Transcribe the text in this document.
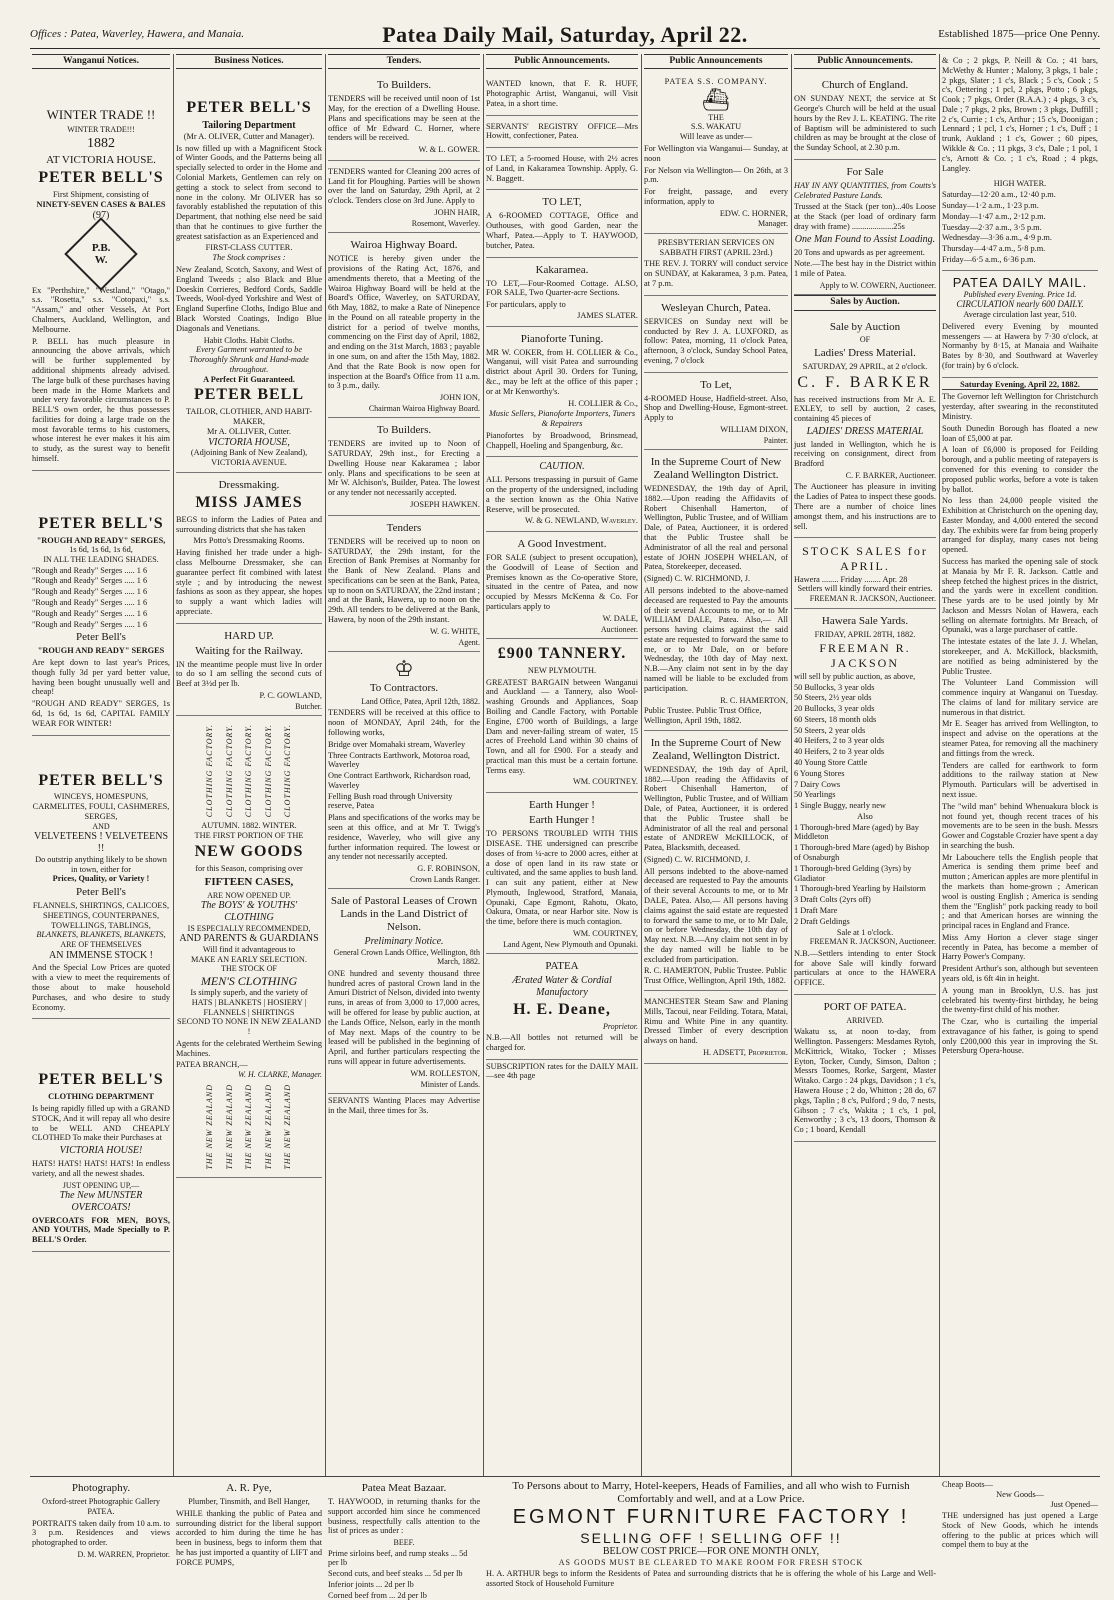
Offices : Patea, Waverley, Hawera, and Manaia.	Patea Daily Mail, Saturday, April 22.	Established 1875—price One Penny.
Wanganui Notices.
WINTER TRADE !!
WINTER TRADE!!!
1882
AT VICTORIA HOUSE.
PETER BELL'S
First Shipment, consisting of
NINETY-SEVEN CASES & BALES
(97)
P.B.
W.

Ex "Perthshire," "Westland," "Otago," s.s. "Rosetta," s.s. "Cotopaxi," s.s. "Assam," and other Vessels, At Port Chalmers, Auckland, Wellington, and Melbourne.

P. BELL has much pleasure in announcing the above arrivals, which will be further supplemented by additional shipments already advised. The large bulk of these purchases having been made in the Home Markets and under very favorable circumstances to P. BELL'S own order, he thus possesses facilities for doing a large trade on the most favorable terms to his customers, whose interest he ever makes it his aim to study, as the surest way to benefit himself.

PETER BELL'S
"ROUGH AND READY" SERGES,
1s 6d, 1s 6d, 1s 6d,
IN ALL THE LEADING SHADES.
"Rough and Ready" Serges ..... 1 6
"Rough and Ready" Serges ..... 1 6
"Rough and Ready" Serges ..... 1 6
"Rough and Ready" Serges ..... 1 6
"Rough and Ready" Serges ..... 1 6
"Rough and Ready" Serges ..... 1 6
Peter Bell's
"ROUGH AND READY" SERGES

Are kept down to last year's Prices, though fully 3d per yard better value, having been bought unusually well and cheap!

"ROUGH AND READY" SERGES, 1s 6d, 1s 6d, 1s 6d, CAPITAL FAMILY WEAR FOR WINTER!

PETER BELL'S
WINCEYS, HOMESPUNS, CARMELITES, FOULI, CASHMERES, SERGES,
AND
VELVETEENS ! VELVETEENS !!
Do outstrip anything likely to be shown in town, either for
Prices, Quality, or Variety !
Peter Bell's
FLANNELS, SHIRTINGS, CALICOES, SHEETINGS, COUNTERPANES, TOWELLINGS, TABLINGS,
BLANKETS, BLANKETS, BLANKETS,
ARE OF THEMSELVES
AN IMMENSE STOCK !

And the Special Low Prices are quoted with a view to meet the requirements of those about to make household Purchases, and who desire to study Economy.

PETER BELL'S
CLOTHING DEPARTMENT

Is being rapidly filled up with a GRAND STOCK, And it will repay all who desire to be WELL AND CHEAPLY CLOTHED To make their Purchases at

VICTORIA HOUSE!

HATS! HATS! HATS! HATS! In endless variety, and all the newest shades.

JUST OPENING UP,—
The New MUNSTER OVERCOATS!

OVERCOATS FOR MEN, BOYS, AND YOUTHS, Made Specially to P. BELL'S Order.

Business Notices.
PETER BELL'S
Tailoring Department
(Mr A. OLIVER, Cutter and Manager).

Is now filled up with a Magnificent Stock of Winter Goods, and the Patterns being all specially selected to order in the Home and Colonial Markets, Gentlemen can rely on getting a stock to select from second to none in the colony. Mr OLIVER has so favorably established the reputation of this Department, that nothing else need be said than that he continues to give further the greatest satisfaction as an Experienced and

FIRST-CLASS CUTTER.
The Stock comprises :

New Zealand, Scotch, Saxony, and West of England Tweeds ; also Black and Blue Doeskin Corrieres, Bedford Cords, Saddle Tweeds, Wool-dyed Yorkshire and West of England Superfine Cloths, Indigo Blue and Black Worsted Coatings, Indigo Blue Diagonals and Venetians.

Habit Cloths. Habit Cloths.
Every Garment warranted to be Thoroughly Shrunk and Hand-made throughout.
A Perfect Fit Guaranteed.
PETER BELL
TAILOR, CLOTHIER, AND HABIT-MAKER,
Mr A. OLLIVER, Cutter.
VICTORIA HOUSE,
(Adjoining Bank of New Zealand), VICTORIA AVENUE.
Dressmaking.
MISS JAMES

BEGS to inform the Ladies of Patea and surrounding districts that she has taken

Mrs Potto's Dressmaking Rooms.

Having finished her trade under a high-class Melbourne Dressmaker, she can guarantee perfect fit combined with latest style ; and by introducing the newest fashions as soon as they appear, she hopes to supply a want which ladies will appreciate.

HARD UP.
Waiting for the Railway.

IN the meantime people must live In order to do so I am selling the second cuts of Beef at 3½d per lb.

P. C. GOWLAND,
Butcher.
CLOTHING FACTORY. CLOTHING FACTORY. CLOTHING FACTORY. CLOTHING FACTORY. CLOTHING FACTORY.
AUTUMN. 1882. WINTER.
THE FIRST PORTION OF THE
NEW GOODS
for this Season, comprising over
FIFTEEN CASES,
ARE NOW OPENED UP.
The BOYS' & YOUTHS' CLOTHING
IS ESPECIALLY RECOMMENDED,
AND PARENTS & GUARDIANS
Will find it advantageous to
MAKE AN EARLY SELECTION.
THE STOCK OF
MEN'S CLOTHING
Is simply superb, and the variety of
HATS | BLANKETS | HOSIERY | FLANNELS | SHIRTINGS
SECOND TO NONE IN NEW ZEALAND !

Agents for the celebrated Wertheim Sewing Machines.

PATEA BRANCH,—
W. H. CLARKE, Manager.
THE NEW ZEALAND THE NEW ZEALAND THE NEW ZEALAND THE NEW ZEALAND THE NEW ZEALAND
Tenders.
To Builders.

TENDERS will be received until noon of 1st May, for the erection of a Dwelling House. Plans and specifications may be seen at the office of Mr Edward C. Horner, where tenders will be received.

W. & L. GOWER.

TENDERS wanted for Cleaning 200 acres of Land fit for Ploughing. Parties will be shown over the land on Saturday, 29th April, at 2 o'clock. Tenders close on 3rd June. Apply to

JOHN HAIR,
Rosemont, Waverley.
Wairoa Highway Board.

NOTICE is hereby given under the provisions of the Rating Act, 1876, and amendments thereto, that a Meeting of the Wairoa Highway Board will be held at the Board's Office, Waverley, on SATURDAY, 6th May, 1882, to make a Rate of Ninepence in the Pound on all rateable property in the district for a period of twelve months, commencing on the First day of April, 1882, and ending on the 31st March, 1883 ; payable in one sum, on and after the 15th May, 1882. And that the Rate Book is now open for inspection at the Board's Office from 11 a.m. to 3 p.m., daily.

JOHN ION,
Chairman Wairoa Highway Board.
To Builders.

TENDERS are invited up to Noon of SATURDAY, 29th inst., for Erecting a Dwelling House near Kakaramea ; labor only. Plans and specifications to be seen at Mr W. Alchison's, Builder, Patea. The lowest or any tender not necessarily accepted.

JOSEPH HAWKEN.
Tenders

TENDERS will be received up to noon on SATURDAY, the 29th instant, for the Erection of Bank Premises at Normanby for the Bank of New Zealand. Plans and specifications can be seen at the Bank, Patea, up to noon on SATURDAY, the 22nd instant ; and at the Bank, Hawera, up to noon on the 29th. All tenders to be delivered at the Bank, Hawera, by noon of the 29th instant.

W. G. WHITE,
Agent.
♔
To Contractors.
Land Office, Patea, April 12th, 1882.

TENDERS will be received at this office to noon of MONDAY, April 24th, for the following works,

Bridge over Momahaki stream, Waverley
Three Contracts Earthwork, Motoroa road, Waverley
One Contract Earthwork, Richardson road, Waverley
Felling Bush road through University reserve, Patea

Plans and specifications of the works may be seen at this office, and at Mr T. Twigg's residence, Waverley, who will give any further information required. The lowest or any tender not necessarily accepted.

G. F. ROBINSON,
Crown Lands Ranger.
Sale of Pastoral Leases of Crown Lands in the Land District of Nelson.
Preliminary Notice.
General Crown Lands Office, Wellington, 8th March, 1882.

ONE hundred and seventy thousand three hundred acres of pastoral Crown land in the Amuri District of Nelson, divided into twenty runs, in areas of from 3,000 to 17,000 acres, will be offered for lease by public auction, at the Lands Office, Nelson, early in the month of May next. Maps of the country to be leased will be published in the beginning of April, and further particulars respecting the runs will appear in future advertisements.

WM. ROLLESTON,
Minister of Lands.

SERVANTS Wanting Places may Advertise in the Mail, three times for 3s.

Public Announcements.

WANTED known, that F. R. HUFF, Photographic Artist, Wanganui, will Visit Patea, in a short time.

SERVANTS' REGISTRY OFFICE—Mrs Howitt, confectioner, Patea.

TO LET, a 5-roomed House, with 2½ acres of Land, in Kakaramea Township. Apply, G. N. Baggett.

TO LET,

A 6-ROOMED COTTAGE, Office and Outhouses, with good Garden, near the Wharf, Patea.—Apply to T. HAYWOOD, butcher, Patea.

Kakaramea.

TO LET,—Four-Roomed Cottage. ALSO, FOR SALE, Two Quarter-acre Sections.

For particulars, apply to
JAMES SLATER.
Pianoforte Tuning.

MR W. COKER, from H. COLLIER & Co., Wanganui, will visit Patea and surrounding district about April 30. Orders for Tuning, &c., may be left at the office of this paper ; or at Mr Kenworthy's.

H. COLLIER & Co.,
Music Sellers, Pianoforte Importers, Tuners & Repairers

Pianofortes by Broadwood, Brinsmead, Chappell, Hoeling and Spangenburg, &c.

CAUTION.

ALL Persons trespassing in pursuit of Game on the property of the undersigned, including a the section known as the Ohia Native Reserve, will be prosecuted.

W. & G. NEWLAND, Waverley.
A Good Investment.

FOR SALE (subject to present occupation), the Goodwill of Lease of Section and Premises known as the Co-operative Store, situated in the centre of Patea, and now occupied by Messrs McKenna & Co. For particulars apply to

W. DALE,
Auctioneer.
£900 TANNERY.
NEW PLYMOUTH.

GREATEST BARGAIN between Wanganui and Auckland — a Tannery, also Wool-washing Grounds and Appliances, Soap Boiling and Candle Factory, with Portable Engine, £700 worth of Buildings, a large Dam and never-failing stream of water, 15 acres of Freehold Land within 30 chains of Town, and all for £900. For a steady and practical man this must be a certain fortune. Terms easy.

WM. COURTNEY.
Earth Hunger !
Earth Hunger !

TO PERSONS TROUBLED WITH THIS DISEASE. THE undersigned can prescribe doses of from ¼-acre to 2000 acres, either at a dose of open land in its raw state or cultivated, and the same applies to bush land. I can suit any patient, either at New Plymouth, Inglewood, Stratford, Manaia, Opunaki, Cape Egmont, Rahotu, Okato, Oakura, Omata, or near Harbor site. Now is the time, before there is much contagion.

WM. COURTNEY,
Land Agent, New Plymouth and Opunaki.
PATEA
Ærated Water & Cordial Manufactory
H. E. Deane,
Proprietor.

N.B.—All bottles not returned will be charged for.

SUBSCRIPTION rates for the DAILY MAIL —see 4th page

Public Announcements
PATEA S.S. COMPANY.
⛴
THE
S.S. WAKATU
Will leave as under—

For Wellington via Wanganui— Sunday, at noon

For Nelson via Wellington— On 26th, at 3 p.m.

For freight, passage, and every information, apply to

EDW. C. HORNER,
Manager.
PRESBYTERIAN SERVICES ON SABBATH FIRST (APRIL 23rd.)

THE REV. J. TORRY will conduct service on SUNDAY, at Kakaramea, 3 p.m. Patea, at 7 p.m.

Wesleyan Church, Patea.

SERVICES on Sunday next will be conducted by Rev J. A. LUXFORD, as follow: Patea, morning, 11 o'clock Patea, afternoon, 3 o'clock, Sunday School Patea, evening, 7 o'clock

To Let,

4-ROOMED House, Hadfield-street. Also, Shop and Dwelling-House, Egmont-street. Apply to

WILLIAM DIXON,
Painter.
In the Supreme Court of New Zealand Wellington District.

WEDNESDAY, the 19th day of April, 1882.—Upon reading the Affidavits of Robert Chisenhall Hamerton, of Wellington, Public Trustee, and of William Dale, of Patea, Auctioneer, it is ordered that the Public Trustee shall be Administrator of all the real and personal estate of JOHN JOSEPH WHELAN, of Patea, Storekeeper, deceased.

(Signed) C. W. RICHMOND, J.

All persons indebted to the above-named deceased are requested to Pay the amounts of their several Accounts to me, or to Mr WILLIAM DALE, Patea. Also,— All persons having claims against the said estate are requested to forward the same to me, or to Mr Dale, on or before Wednesday, the 10th day of May next. N.B.—Any claim not sent in by the day named will be liable to be excluded from participation.

R. C. HAMERTON,
Public Trustee. Public Trust Office, Wellington, April 19th, 1882.
In the Supreme Court of New Zealand, Wellington District.

WEDNESDAY, the 19th day of April, 1882.—Upon reading the Affidavits of Robert Chisenhall Hamerton, of Wellington, Public Trustee, and of William Dale, of Patea, Auctioneer, it is ordered that the Public Trustee shall be Administrator of all the real and personal estate of ANDREW McKILLOCK, of Patea, Blacksmith, deceased.

(Signed) C. W. RICHMOND, J.

All persons indebted to the above-named deceased are requested to Pay the amounts of their several Accounts to me, or to Mr DALE, Patea. Also,— All persons having claims against the said estate are requested to forward the same to me, or to Mr Dale, on or before Wednesday, the 10th day of May next. N.B.—Any claim not sent in by the day named will be liable to be excluded from participation.

R. C. HAMERTON, Public Trustee. Public Trust Office, Wellington, April 19th, 1882.

MANCHESTER Steam Saw and Planing Mills, Tacoui, near Feilding. Totara, Matai, Rimu and White Pine in any quantity. Dressed Timber of every description always on hand.

H. ADSETT, Proprietor.
Public Announcements.
Church of England.

ON SUNDAY NEXT, the service at St George's Church will be held at the usual hours by the Rev J. L. KEATING. The rite of Baptism will be administered to such children as may be brought at the close of the Sunday School, at 2.30 p.m.

For Sale

HAY IN ANY QUANTITIES, from Coutts's Celebrated Pasture Lands.

Trussed at the Stack (per ton)...40s Loose at the Stack (per load of ordinary farm dray with frame) ....................25s

One Man Found to Assist Loading.

20 Tons and upwards as per agreement.

Note.—The best hay in the District within 1 mile of Patea.

Apply to W. COWERN, Auctioneer.
Sales by Auction.
Sale by Auction
OF
Ladies' Dress Material.
SATURDAY, 29 APRIL, at 2 o'clock.
C. F. BARKER

has received instructions from Mr A. E. EXLEY, to sell by auction, 2 cases, containing 45 pieces of

LADIES' DRESS MATERIAL

just landed in Wellington, which he is receiving on consignment, direct from Bradford

C. F. BARKER, Auctioneer.

The Auctioneer has pleasure in inviting the Ladies of Patea to inspect these goods. There are a number of choice lines amongst them, and his instructions are to sell.

STOCK SALES for APRIL.
Hawera ........ Friday ........ Apr. 28
Settlers will kindly forward their entries.
FREEMAN R. JACKSON, Auctioneer.
Hawera Sale Yards.
FRIDAY, APRIL 28TH, 1882.
FREEMAN R. JACKSON
will sell by public auction, as above,
50 Bullocks, 3 year olds
50 Steers, 2½ year olds
20 Bullocks, 3 year olds
60 Steers, 18 month olds
50 Steers, 2 year olds
40 Heifers, 2 to 3 year olds
40 Heifers, 2 to 3 year olds
40 Young Store Cattle
6 Young Stores
7 Dairy Cows
50 Yearlings
1 Single Buggy, nearly new
Also
1 Thorough-bred Mare (aged) by Bay Middleton
1 Thorough-bred Mare (aged) by Bishop of Osnaburgh
1 Thorough-bred Gelding (3yrs) by Gladiator
1 Thorough-bred Yearling by Hailstorm
3 Draft Colts (2yrs off)
1 Draft Mare
2 Draft Geldings
Sale at 1 o'clock.
FREEMAN R. JACKSON, Auctioneer.

N.B.—Settlers intending to enter Stock for above Sale will kindly forward particulars at once to the HAWERA OFFICE.

PORT OF PATEA.
ARRIVED.

Wakatu ss, at noon to-day, from Wellington. Passengers: Mesdames Rytoh, McKittrick, Witako, Tocker ; Misses Eyton, Tocker, Cundy, Simson, Dalton ; Messrs Toomes, Rorke, Sargent, Master Witako. Cargo : 24 pkgs, Davidson ; 1 c's, Hawera House ; 2 do, Whitton ; 28 do, 67 pkgs, Taplin ; 8 c's, Pulford ; 9 do, 7 nests, Gibson ; 7 c's, Wakita ; 1 c's, 1 pol, Kenworthy ; 3 c's, 13 doors, Thomson & Co ; 1 board, Kendall

& Co ; 2 pkgs, P. Neill & Co. ; 41 bars, McWethy & Hunter ; Malony, 3 pkgs, 1 bale ; 2 pkgs, Slater ; 1 c's, Black ; 5 c's, Cook ; 5 c's, Oettering ; 1 pcl, 2 pkgs, Potto ; 6 pkgs, Cook ; 7 pkgs, Order (R.A.A.) ; 4 pkgs, 3 c's, Dale ; 7 pkgs, 2 pks, Brown ; 3 pkgs, Duffill ; 2 c's, Currie ; 1 c's, Arthur ; 15 c's, Doonigan ; Lennard ; 1 pcl, 1 c's, Horner ; 1 c's, Duff ; 1 trunk, Aukland ; 1 c's, Gower ; 60 pipes, Wikkle & Co. ; 11 pkgs, 3 c's, Dale ; 1 pol, 1 c's, Arnott & Co. ; 1 c's, Road ; 4 pkgs, Langley.

HIGH WATER.
Saturday—12·20 a.m., 12·40 p.m.
Sunday—1·2 a.m., 1·23 p.m.
Monday—1·47 a.m., 2·12 p.m.
Tuesday—2·37 a.m., 3·5 p.m.
Wednesday—3·36 a.m., 4·9 p.m.
Thursday—4·47 a.m., 5·8 p.m.
Friday—6·5 a.m., 6·36 p.m.
PATEA DAILY MAIL.
Published every Evening. Price 1d.
CIRCULATION nearly 600 DAILY.
Average circulation last year, 510.

Delivered every Evening by mounted messengers — at Hawera by 7·30 o'clock, at Normanby by 8·15, at Manaia and Waihaite Bates by 8·30, and Southward at Waverley (for train) by 6 o'clock.

Saturday Evening, April 22, 1882.

The Governor left Wellington for Christchurch yesterday, after swearing in the reconstituted Ministry.

South Dunedin Borough has floated a new loan of £5,000 at par.

A loan of £6,000 is proposed for Feilding borough, and a public meeting of ratepayers is convened for this evening to consider the proposed public works, before a vote is taken by ballot.

No less than 24,000 people visited the Exhibition at Christchurch on the opening day, Easter Monday, and 4,000 entered the second day. The exhibits were far from being properly arranged for display, many cases not being opened.

Success has marked the opening sale of stock at Manaia by Mr F. R. Jackson. Cattle and sheep fetched the highest prices in the district, and the yards were in excellent condition. These yards are to be used jointly by Mr Jackson and Messrs Nolan of Hawera, each selling on alternate fortnights. Mr Breach, of Opunaki, was a large purchaser of cattle.

The intestate estates of the late J. J. Whelan, storekeeper, and A. McKillock, blacksmith, are notified as being administered by the Public Trustee.

The Volunteer Land Commission will commence inquiry at Wanganui on Tuesday. The claims of land for military service are numerous in that district.

Mr E. Seager has arrived from Wellington, to inspect and advise on the operations at the steamer Patea, for removing all the machinery and fittings from the wreck.

Tenders are called for earthwork to form additions to the railway station at New Plymouth. Particulars will be advertised in next issue.

The "wild man" behind Whenuakura block is not found yet, though recent traces of his movements are to be seen in the bush. Messrs Gower and Cogstable Crozier have spent a day in searching the bush.

Mr Labouchere tells the English people that America is sending them prime beef and mutton ; American apples are more plentiful in the markets than home-grown ; American wool is ousting English ; America is sending them the "English" pork packing ready to boil ; and that American horses are winning the principal races in England and France.

Miss Amy Horton a clever stage singer recently in Patea, has become a member of Harry Power's Company.

President Arthur's son, although but seventeen years old, is 6ft 4in in height.

A young man in Brooklyn, U.S. has just celebrated his twenty-first birthday, he being the twenty-first child of his mother.

The Czar, who is curtailing the imperial extravagance of his father, is going to spend only £200,000 this year in improving the St. Petersburg Opera-house.

Photography.
Oxford-street Photographic Gallery PATEA.

PORTRAITS taken daily from 10 a.m. to 3 p.m. Residences and views photographed to order.

D. M. WARREN, Proprietor.
A. R. Pye,
Plumber, Tinsmith, and Bell Hanger,

WHILE thanking the public of Patea and surrounding district for the liberal support accorded to him during the time he has been in business, begs to inform them that he has just imported a quantity of LIFT and FORCE PUMPS,

Patea Meat Bazaar.

T. HAYWOOD, in returning thanks for the support accorded him since he commenced business, respectfully calls attention to the list of prices as under :

BEEF.
Prime sirloins beef, and rump steaks ... 5d per lb
Second cuts, and beef steaks ... 5d per lb
Inferior joints ... 2d per lb
Corned beef from ... 2d per lb
To Persons about to Marry, Hotel-keepers, Heads of Families, and all who wish to Furnish Comfortably and well, and at a Low Price.
EGMONT FURNITURE FACTORY !
SELLING OFF ! SELLING OFF !!
BELOW COST PRICE—FOR ONE MONTH ONLY,
AS GOODS MUST BE CLEARED TO MAKE ROOM FOR FRESH STOCK

H. A. ARTHUR begs to inform the Residents of Patea and surrounding districts that he is offering the whole of his Large and Well-assorted Stock of Household Furniture

Cheap Boots—
New Goods—
Just Opened—

THE undersigned has just opened a Large Stock of New Goods, which he intends offering to the public at prices which will compel them to buy at the
